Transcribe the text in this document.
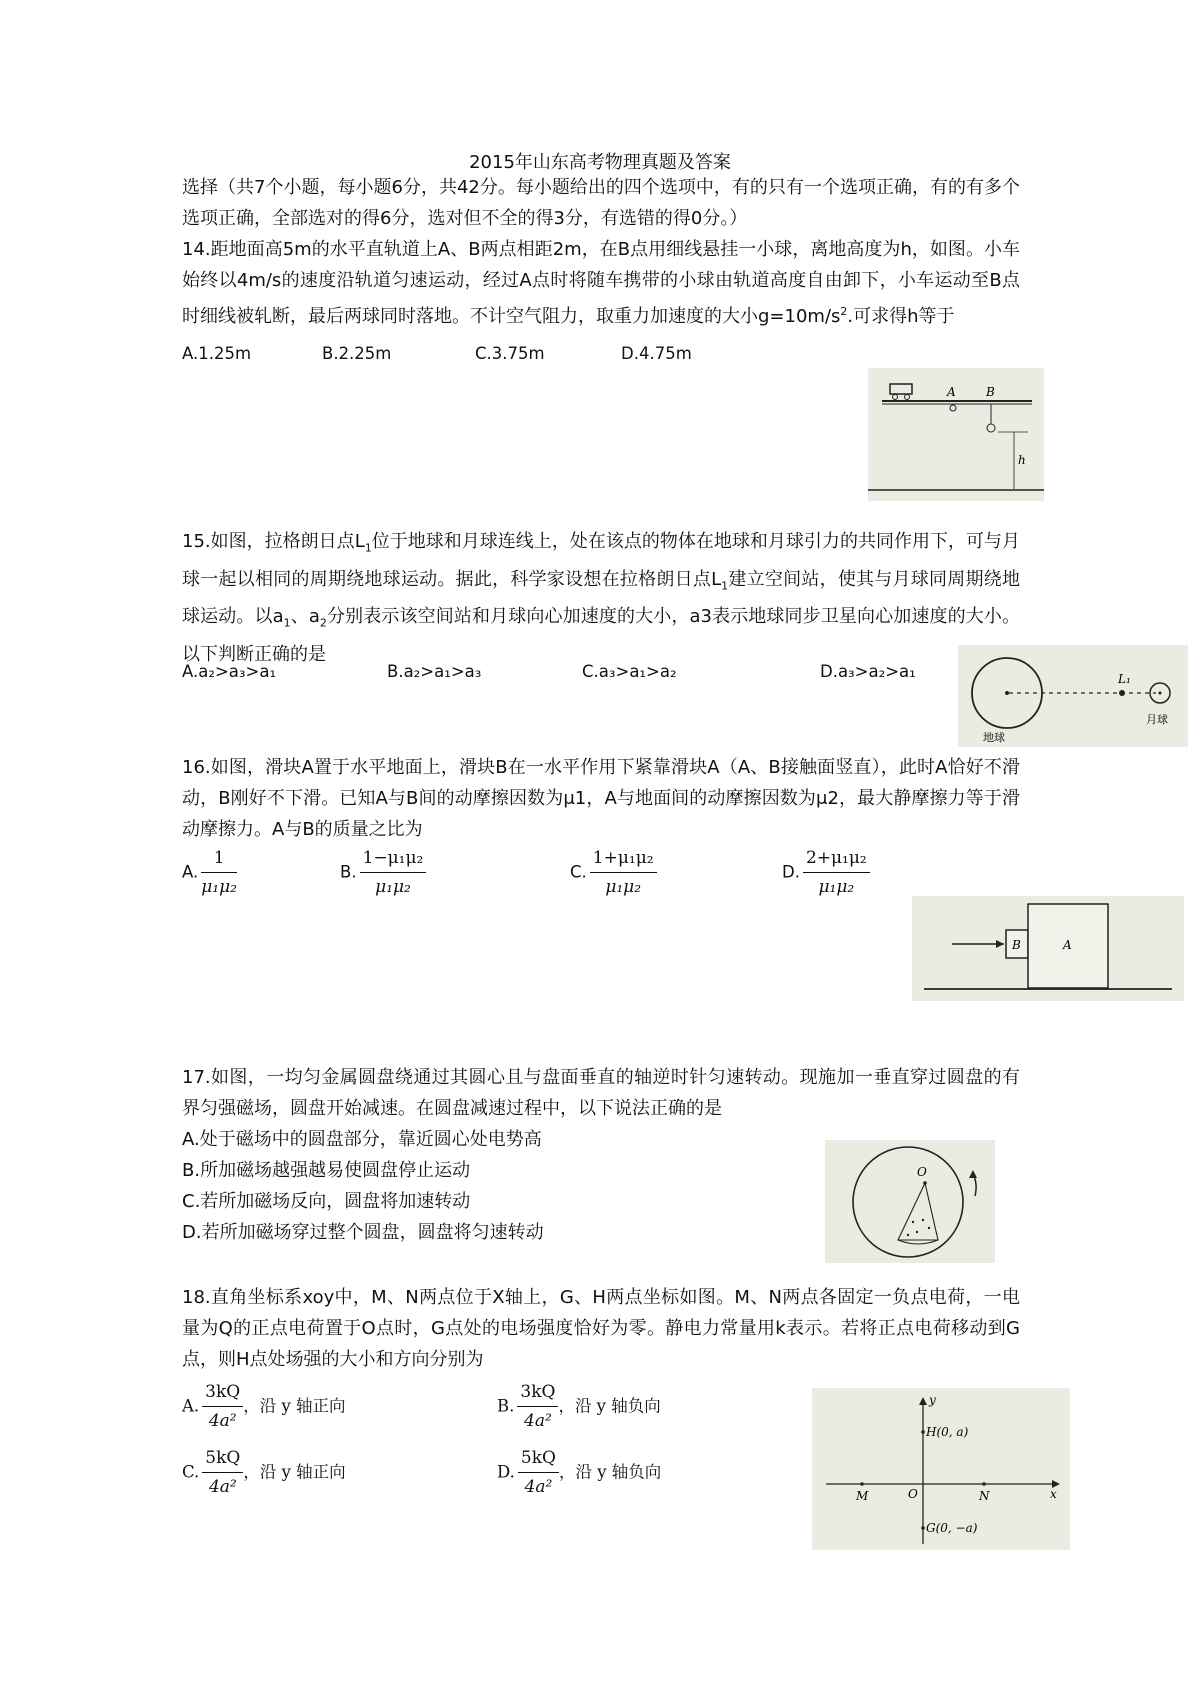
2015年山东高考物理真题及答案
选择（共7个小题，每小题6分，共42分。每小题给出的四个选项中，有的只有一个选项正确，有的有多个选项正确，全部选对的得6分，选对但不全的得3分，有选错的得0分。）
14.距地面高5m的水平直轨道上A、B两点相距2m，在B点用细线悬挂一小球，离地高度为h，如图。小车始终以4m/s的速度沿轨道匀速运动，经过A点时将随车携带的小球由轨道高度自由卸下，小车运动至B点时细线被轧断，最后两球同时落地。不计空气阻力，取重力加速度的大小$g=10m/s^2$.可求得h等于
A.1.25m	B.2.25m	C.3.75m	D.4.75m
A	B
h
15.如图，拉格朗日点$L_1$位于地球和月球连线上，处在该点的物体在地球和月球引力的共同作用下，可与月球一起以相同的周期绕地球运动。据此，科学家设想在拉格朗日点$L_1$建立空间站，使其与月球同周期绕地球运动。以$a_1$、$a_2$分别表示该空间站和月球向心加速度的大小，a3表示地球同步卫星向心加速度的大小。以下判断正确的是
A.a₂>a₃>a₁	B.a₂>a₁>a₃	C.a₃>a₁>a₂	D.a₃>a₂>a₁	L₁
地球
月球
16.如图，滑块A置于水平地面上，滑块B在一水平作用下紧靠滑块A（A、B接触面竖直），此时A恰好不滑动，B刚好不下滑。已知A与B间的动摩擦因数为μ1，A与地面间的动摩擦因数为μ2，最大静摩擦力等于滑动摩擦力。A与B的质量之比为
A. $\frac{1}{\text{μ₁μ₂}}$	B. $\frac{\text{1−μ₁μ₂}}{\text{μ₁μ₂}}$	C. $\frac{\text{1+μ₁μ₂}}{\text{μ₁μ₂}}$	D. $\frac{\text{2+μ₁μ₂}}{\text{μ₁μ₂}}$
B	A
17.如图，一均匀金属圆盘绕通过其圆心且与盘面垂直的轴逆时针匀速转动。现施加一垂直穿过圆盘的有界匀强磁场，圆盘开始减速。在圆盘减速过程中，以下说法正确的是
A.处于磁场中的圆盘部分，靠近圆心处电势高
B.所加磁场越强越易使圆盘停止运动
C.若所加磁场反向，圆盘将加速转动
D.若所加磁场穿过整个圆盘，圆盘将匀速转动
O
18.直角坐标系xoy中，M、N两点位于X轴上，G、H两点坐标如图。M、N两点各固定一负点电荷，一电量为Q的正点电荷置于O点时，G点处的电场强度恰好为零。静电力常量用k表示。若将正点电荷移动到G点，则H点处场强的大小和方向分别为
A. $\frac{3kQ}{\text{4a²}}$ ，沿 y 轴正向	B. $\frac{3kQ}{\text{4a²}}$ ，沿 y 轴负向
C. $\frac{5kQ}{\text{4a²}}$ ，沿 y 轴正向	D. $\frac{5kQ}{\text{4a²}}$ ，沿 y 轴负向
y
H(0, a)
O
M	N	x
G(0, −a)
